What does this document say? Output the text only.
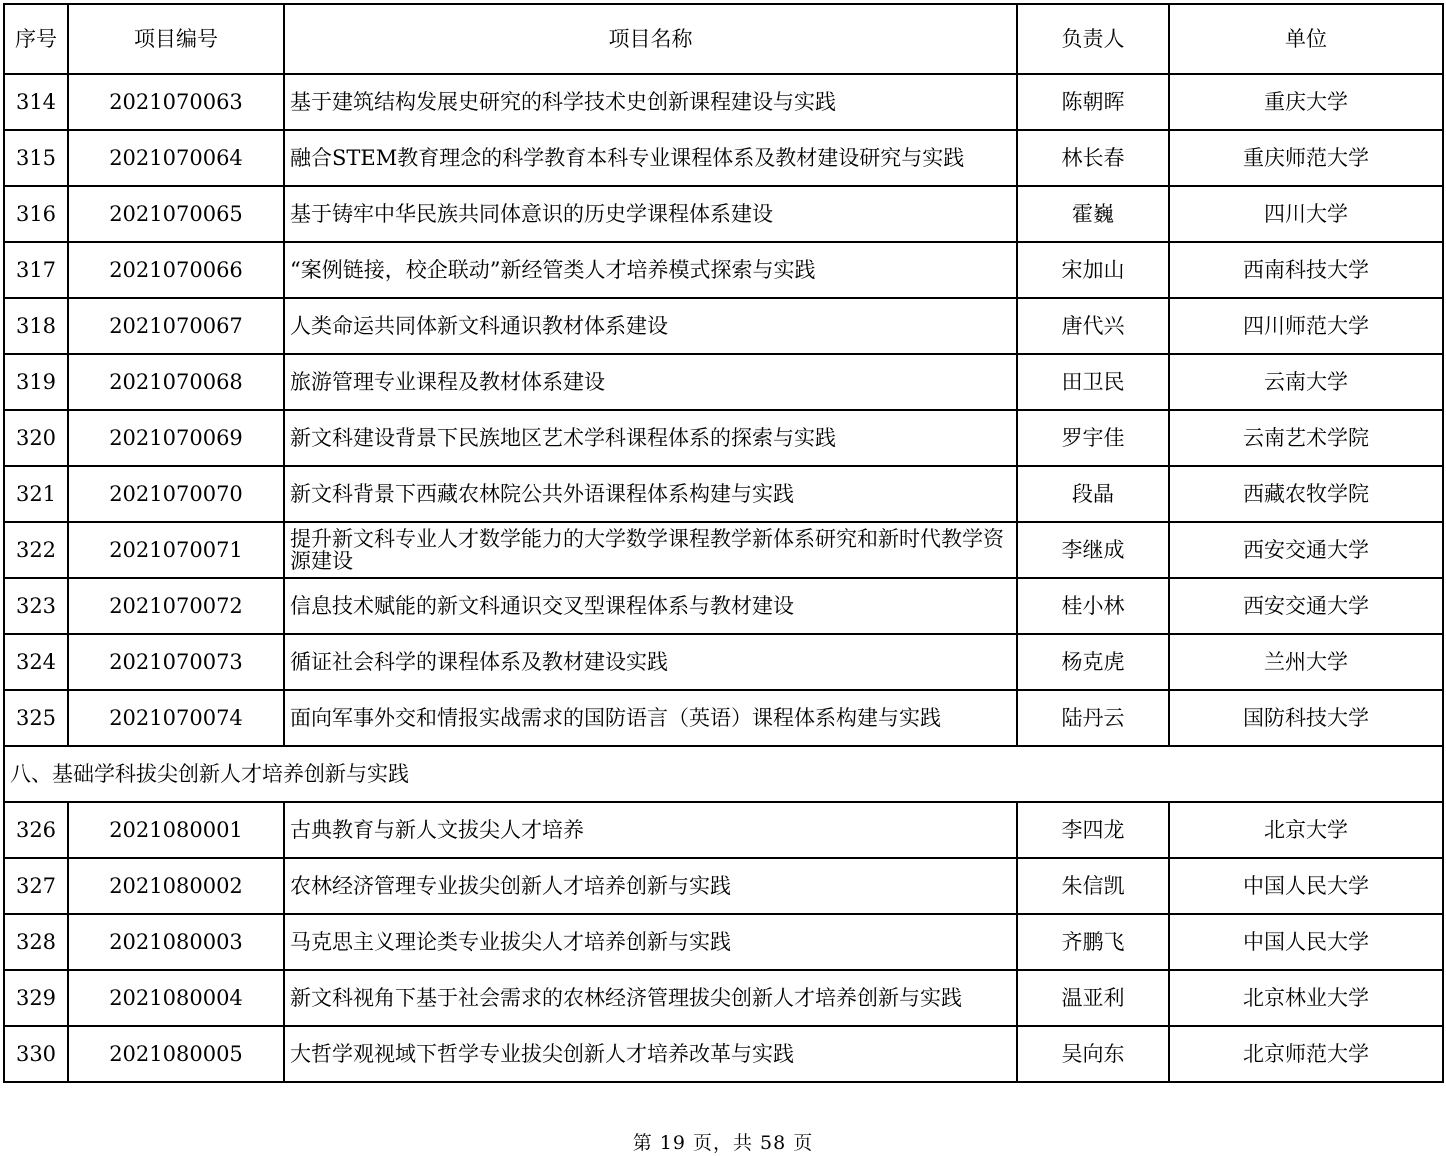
序号	项目编号	项目名称	负责人	单位
314	2021070063	基于建筑结构发展史研究的科学技术史创新课程建设与实践	陈朝晖	重庆大学
315	2021070064	融合STEM教育理念的科学教育本科专业课程体系及教材建设研究与实践	林长春	重庆师范大学
316	2021070065	基于铸牢中华民族共同体意识的历史学课程体系建设	霍巍	四川大学
317	2021070066	“案例链接，校企联动”新经管类人才培养模式探索与实践	宋加山	西南科技大学
318	2021070067	人类命运共同体新文科通识教材体系建设	唐代兴	四川师范大学
319	2021070068	旅游管理专业课程及教材体系建设	田卫民	云南大学
320	2021070069	新文科建设背景下民族地区艺术学科课程体系的探索与实践	罗宇佳	云南艺术学院
321	2021070070	新文科背景下西藏农林院公共外语课程体系构建与实践	段晶	西藏农牧学院
322	2021070071	提升新文科专业人才数学能力的大学数学课程教学新体系研究和新时代教学资源建设	李继成	西安交通大学
323	2021070072	信息技术赋能的新文科通识交叉型课程体系与教材建设	桂小林	西安交通大学
324	2021070073	循证社会科学的课程体系及教材建设实践	杨克虎	兰州大学
325	2021070074	面向军事外交和情报实战需求的国防语言（英语）课程体系构建与实践	陆丹云	国防科技大学
八、基础学科拔尖创新人才培养创新与实践				
326	2021080001	古典教育与新人文拔尖人才培养	李四龙	北京大学
327	2021080002	农林经济管理专业拔尖创新人才培养创新与实践	朱信凯	中国人民大学
328	2021080003	马克思主义理论类专业拔尖人才培养创新与实践	齐鹏飞	中国人民大学
329	2021080004	新文科视角下基于社会需求的农林经济管理拔尖创新人才培养创新与实践	温亚利	北京林业大学
330	2021080005	大哲学观视域下哲学专业拔尖创新人才培养改革与实践	吴向东	北京师范大学
第 19 页，共 58 页
